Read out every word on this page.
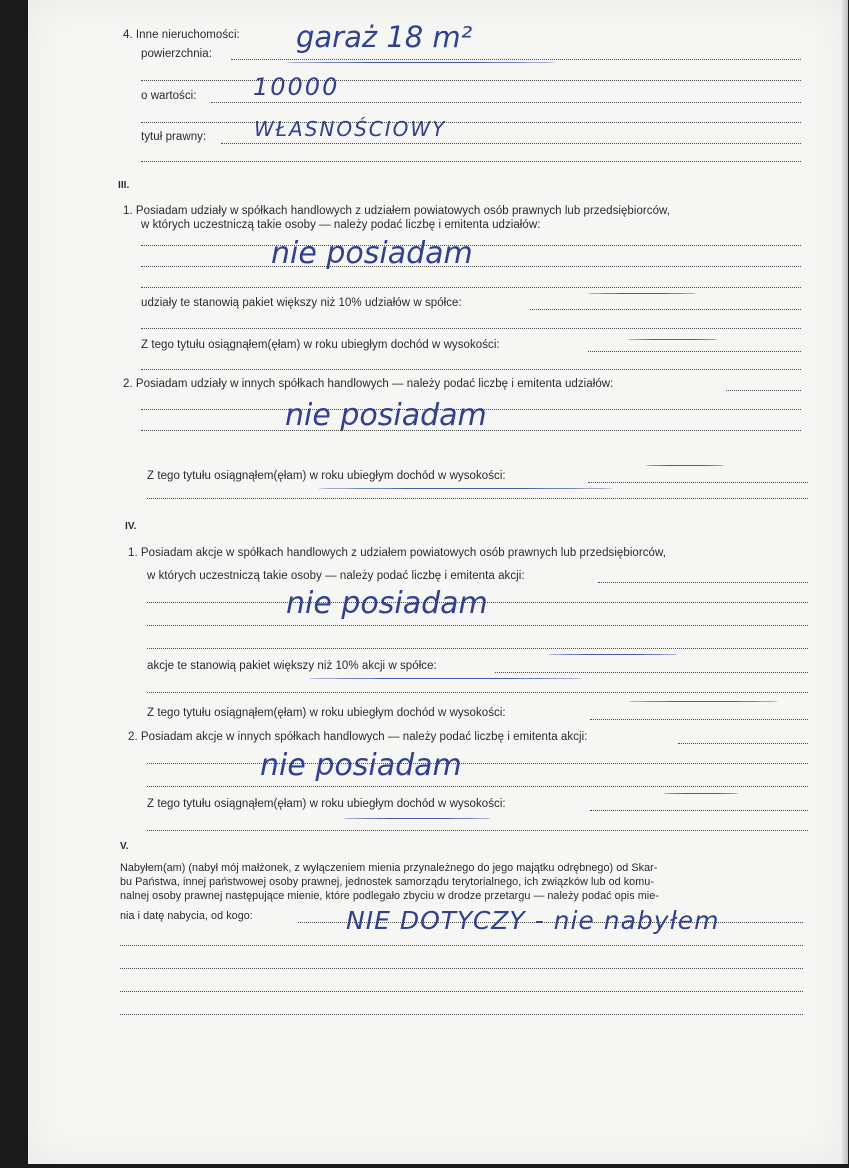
4. Inne nieruchomości:
powierzchnia:	garaż 18 m²
o wartości: 10000
tytuł prawny: WŁASNOŚCIOWY
III.
1. Posiadam udziały w spółkach handlowych z udziałem powiatowych osób prawnych lub przedsiębiorców,
w których uczestniczą takie osoby — należy podać liczbę i emitenta udziałów:
nie posiadam
udziały te stanowią pakiet większy niż 10% udziałów w spółce:
Z tego tytułu osiągnąłem(ęłam) w roku ubiegłym dochód w wysokości:
2. Posiadam udziały w innych spółkach handlowych — należy podać liczbę i emitenta udziałów:
nie posiadam
Z tego tytułu osiągnąłem(ęłam) w roku ubiegłym dochód w wysokości:
IV.
1. Posiadam akcje w spółkach handlowych z udziałem powiatowych osób prawnych lub przedsiębiorców,
w których uczestniczą takie osoby — należy podać liczbę i emitenta akcji:
nie posiadam
akcje te stanowią pakiet większy niż 10% akcji w spółce:
Z tego tytułu osiągnąłem(ęłam) w roku ubiegłym dochód w wysokości:
2. Posiadam akcje w innych spółkach handlowych — należy podać liczbę i emitenta akcji:
nie posiadam
Z tego tytułu osiągnąłem(ęłam) w roku ubiegłym dochód w wysokości:
V.
Nabyłem(am) (nabył mój małżonek, z wyłączeniem mienia przynależnego do jego majątku odrębnego) od Skar-
bu Państwa, innej państwowej osoby prawnej, jednostek samorządu terytorialnego, ich związków lub od komu-
nalnej osoby prawnej następujące mienie, które podlegało zbyciu w drodze przetargu — należy podać opis mie-
nia i datę nabycia, od kogo:	NIE DOTYCZY - nie nabyłem
